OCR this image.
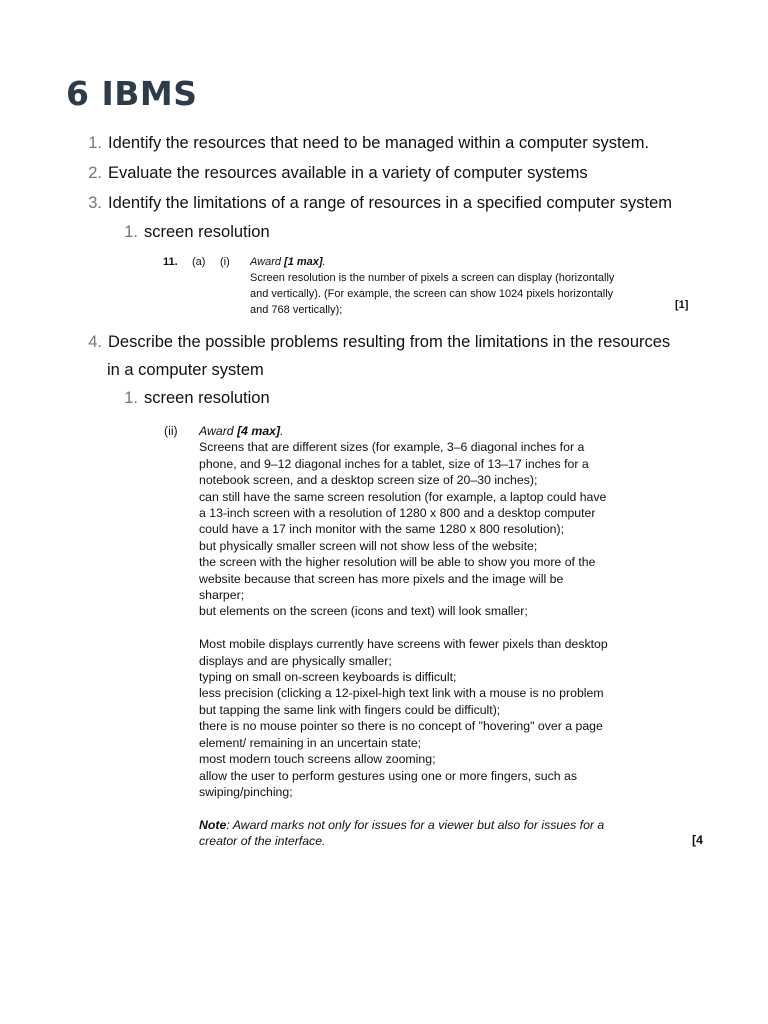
6 IBMS
1. Identify the resources that need to be managed within a computer system.
2. Evaluate the resources available in a variety of computer systems
3. Identify the limitations of a range of resources in a specified computer system
1. screen resolution
11. (a) (i) Award [1 max].
Screen resolution is the number of pixels a screen can display (horizontally
and vertically). (For example, the screen can show 1024 pixels horizontally
and 768 vertically);	[1]
4. Describe the possible problems resulting from the limitations in the resources
in a computer system
1. screen resolution
(ii) Award [4 max].
Screens that are different sizes (for example, 3–6 diagonal inches for a
phone, and 9–12 diagonal inches for a tablet, size of 13–17 inches for a
notebook screen, and a desktop screen size of 20–30 inches);
can still have the same screen resolution (for example, a laptop could have
a 13-inch screen with a resolution of 1280 x 800 and a desktop computer
could have a 17 inch monitor with the same 1280 x 800 resolution);
but physically smaller screen will not show less of the website;
the screen with the higher resolution will be able to show you more of the
website because that screen has more pixels and the image will be
sharper;
but elements on the screen (icons and text) will look smaller;
Most mobile displays currently have screens with fewer pixels than desktop
displays and are physically smaller;
typing on small on-screen keyboards is difficult;
less precision (clicking a 12-pixel-high text link with a mouse is no problem
but tapping the same link with fingers could be difficult);
there is no mouse pointer so there is no concept of "hovering" over a page
element/ remaining in an uncertain state;
most modern touch screens allow zooming;
allow the user to perform gestures using one or more fingers, such as
swiping/pinching;
Note: Award marks not only for issues for a viewer but also for issues for a
creator of the interface.	[4
